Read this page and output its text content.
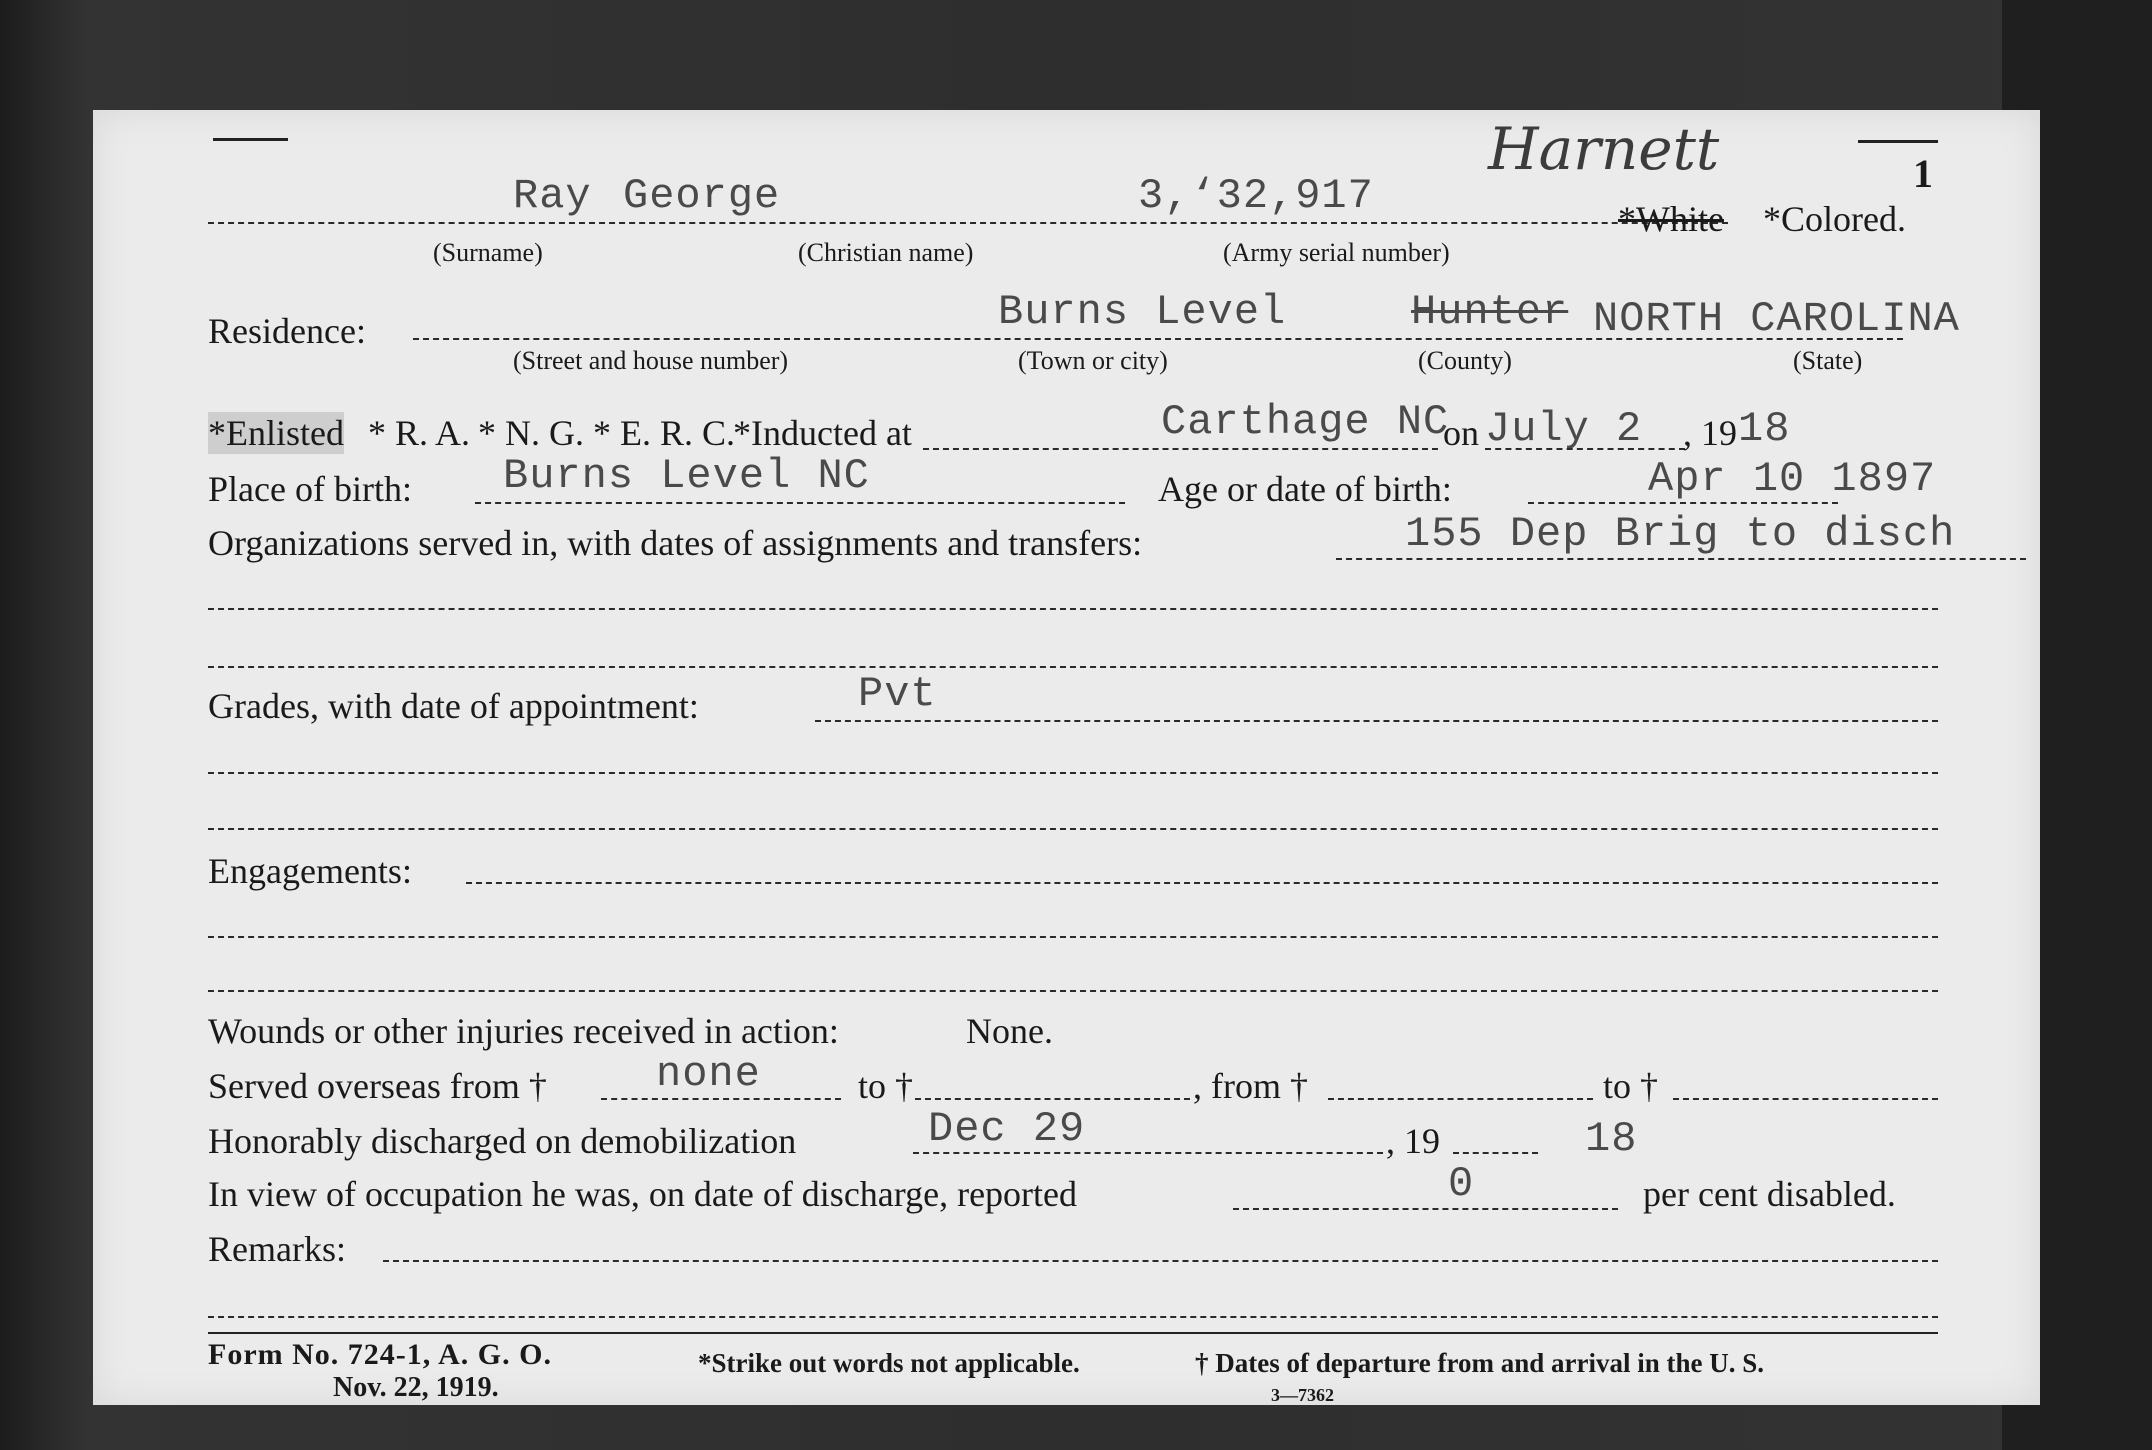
Harnett	1
Ray George	3,‘32,917	*White *Colored.
(Surname)	(Christian name)	(Army serial number)
Residence:	Burns Level	Hunter NORTH CAROLINA
(Street and house number)	(Town or city)	(County)	(State)
*Enlisted * R. A. * N. G. * E. R. C.
*Inducted at	Carthage NC
on July 2 , 19 18
Place of birth: Burns Level NC	Age or date of birth:	Apr 10 1897
Organizations served in, with dates of assignments and transfers:	155 Dep Brig to disch
Grades, with date of appointment:	Pvt
Engagements:
Wounds or other injuries received in action:	None.
Served overseas from †	none	to †	, from †	to †
Honorably discharged on demobilization	Dec 29	, 19	18
In view of occupation he was, on date of discharge, reported	0	per cent disabled.
Remarks:
Form No. 724-1, A. G. O.
Nov. 22, 1919.
*Strike out words not applicable.	† Dates of departure from and arrival in the U. S.
3—7362
